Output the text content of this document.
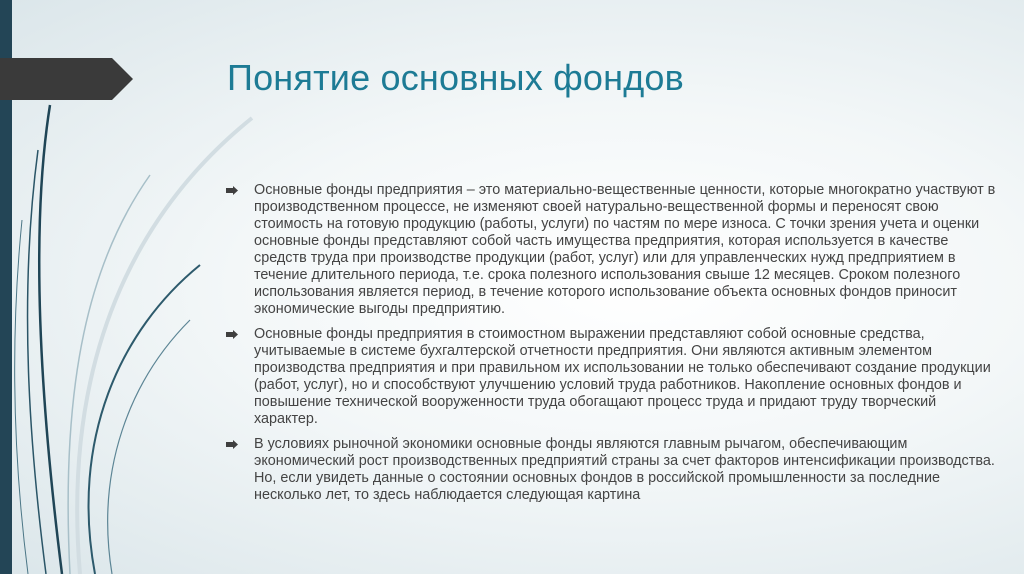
Понятие основных фондов
Основные фонды предприятия – это материально-вещественные ценности, которые многократно участвуют в производственном процессе, не изменяют своей натурально-вещественной формы и переносят свою стоимость на готовую продукцию (работы, услуги) по частям по мере износа. С точки зрения учета и оценки основные фонды представляют собой часть имущества предприятия, которая используется в качестве средств труда при производстве продукции (работ, услуг) или для управленческих нужд предприятием в течение длительного периода, т.е. срока полезного использования свыше 12 месяцев. Сроком полезного использования является период, в течение которого использование объекта основных фондов приносит экономические выгоды предприятию.
Основные фонды предприятия в стоимостном выражении представляют собой основные средства, учитываемые в системе бухгалтерской отчетности предприятия. Они являются активным элементом производства предприятия и при правильном их использовании не только обеспечивают создание продукции (работ, услуг), но и способствуют улучшению условий труда работников. Накопление основных фондов и повышение технической вооруженности труда обогащают процесс труда и придают труду творческий характер.
В условиях рыночной экономики основные фонды являются главным рычагом, обеспечивающим экономический рост производственных предприятий страны за счет факторов интенсификации производства. Но, если увидеть данные о состоянии основных фондов в российской промышленности за последние несколько лет, то здесь наблюдается следующая картина
